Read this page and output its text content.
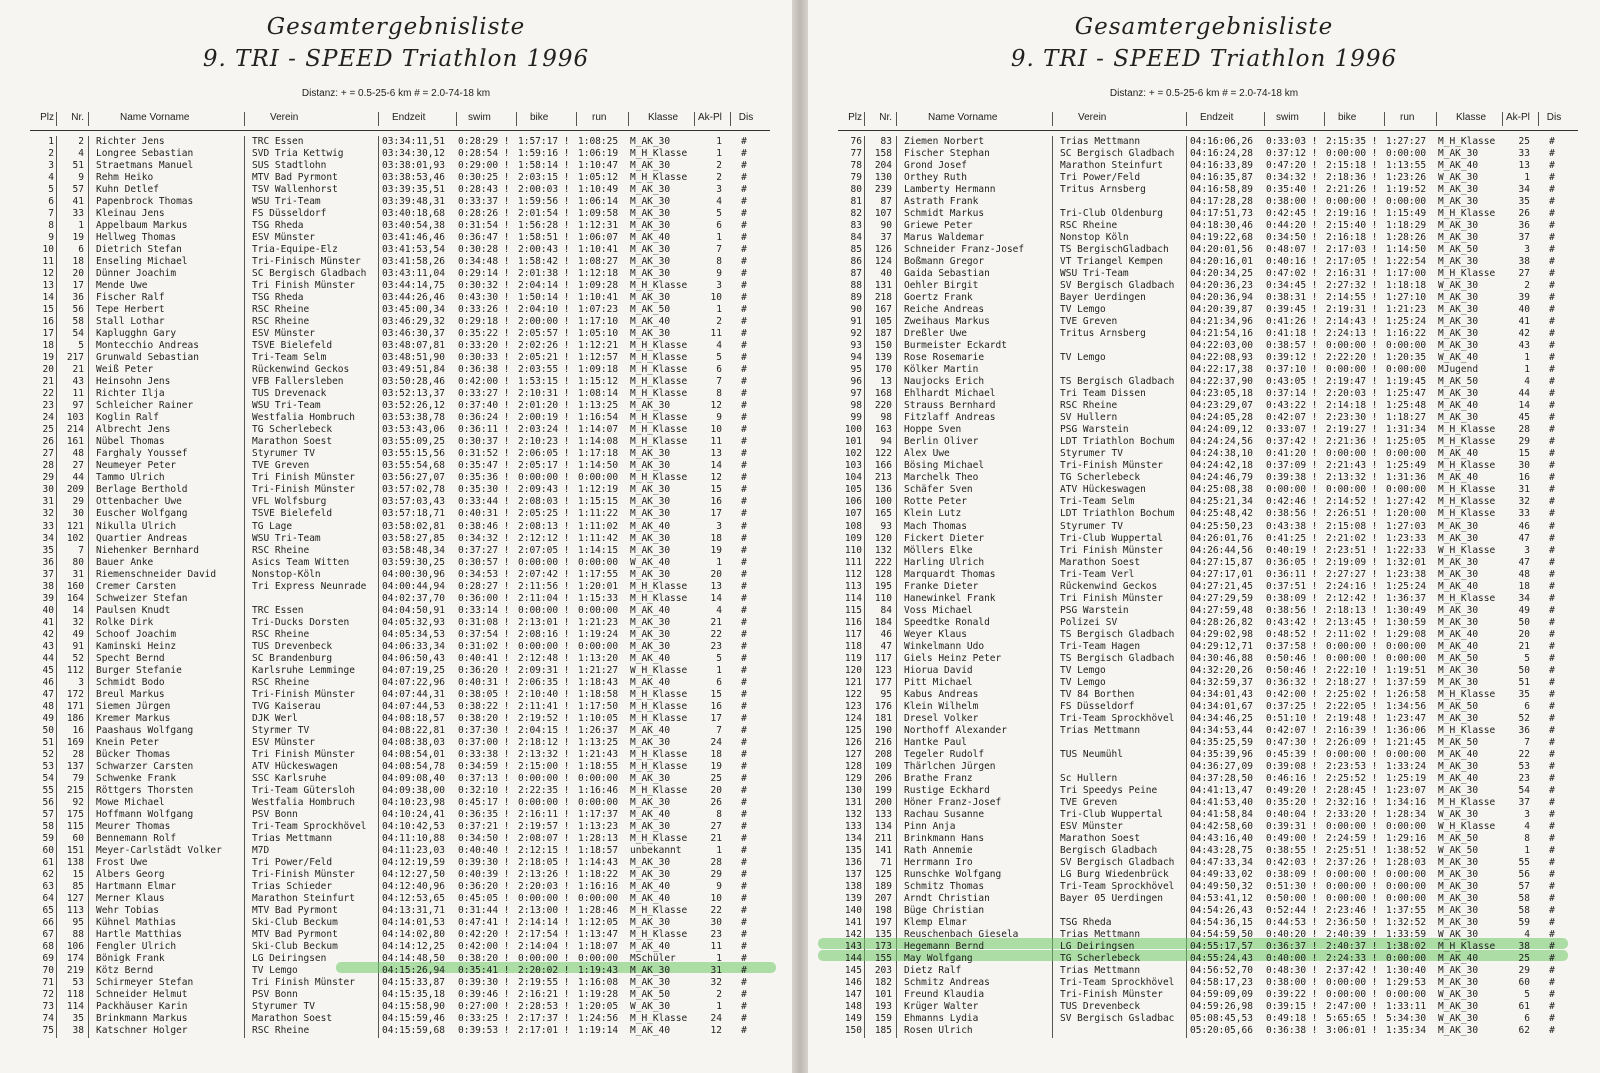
Gesamtergebnisliste
9. TRI - SPEED Triathlon 1996
Distanz: + = 0.5-25-6 km # = 2.0-74-18 km
Plz	Nr.	Name Vorname	Verein	Endzeit	swim	bike	run	Klasse	Ak-Pl	Dis
1	2 Richter Jens	TRC Essen	03:34:11,51	0:28:29 ! 1:57:17 ! 1:08:25	M_AK_30	1	#
2	4 Longree Sebastian	SVD Tria Kettwig	03:34:30,12	0:28:54 ! 1:59:16 ! 1:06:19	M_H_Klasse	1	#
3	51 Straetmans Manuel	SUS Stadtlohn	03:38:01,93	0:29:00 ! 1:58:14 ! 1:10:47	M_AK_30	2	#
4	9 Rehm Heiko	MTV Bad Pyrmont	03:38:53,46	0:30:25 ! 2:03:15 ! 1:05:12	M_H_Klasse	2	#
5	57 Kuhn Detlef	TSV Wallenhorst	03:39:35,51	0:28:43 ! 2:00:03 ! 1:10:49	M_AK_30	3	#
6	41 Papenbrock Thomas	WSU Tri-Team	03:39:48,31	0:33:37 ! 1:59:56 ! 1:06:14	M_AK_30	4	#
7	33 Kleinau Jens	FS Düsseldorf	03:40:18,68	0:28:26 ! 2:01:54 ! 1:09:58	M_AK_30	5	#
8	1 Appelbaum Markus	TSG Rheda	03:40:54,38	0:31:54 ! 1:56:28 ! 1:12:31	M_AK_30	6	#
9	19 Hellweg Thomas	ESV Münster	03:41:46,46	0:36:47 ! 1:58:51 ! 1:06:07	M_AK_40	1	#
10	6 Dietrich Stefan	Tria-Equipe-Elz	03:41:53,54	0:30:28 ! 2:00:43 ! 1:10:41	M_AK_30	7	#
11	18 Enseling Michael	Tri-Finisch Münster	03:41:58,26	0:34:48 ! 1:58:42 ! 1:08:27	M_AK_30	8	#
12	20 Dünner Joachim	SC Bergisch Gladbach	03:43:11,04	0:29:14 ! 2:01:38 ! 1:12:18	M_AK_30	9	#
13	17 Mende Uwe	Tri Finish Münster	03:44:14,75	0:30:32 ! 2:04:14 ! 1:09:28	M_H_Klasse	3	#
14	36 Fischer Ralf	TSG Rheda	03:44:26,46	0:43:30 ! 1:50:14 ! 1:10:41	M_AK_30	10	#
15	56 Tepe Herbert	RSC Rheine	03:45:00,34	0:33:26 ! 2:04:10 ! 1:07:23	M_AK_50	1	#
16	58 Stall Lothar	RSC Rheine	03:46:29,32	0:29:18 ! 2:00:00 ! 1:17:10	M_AK_40	2	#
17	54 Kaplugghn Gary	ESV Münster	03:46:30,37	0:35:22 ! 2:05:57 ! 1:05:10	M_AK_30	11	#
18	5 Montecchio Andreas	TSVE Bielefeld	03:48:07,81	0:33:20 ! 2:02:26 ! 1:12:21	M_H_Klasse	4	#
19	217 Grunwald Sebastian	Tri-Team Selm	03:48:51,90	0:30:33 ! 2:05:21 ! 1:12:57	M_H_Klasse	5	#
20	21 Weiß Peter	Rückenwind Geckos	03:49:51,84	0:36:38 ! 2:03:55 ! 1:09:18	M_H_Klasse	6	#
21	43 Heinsohn Jens	VFB Fallersleben	03:50:28,46	0:42:00 ! 1:53:15 ! 1:15:12	M_H_Klasse	7	#
22	11 Richter Ilja	TUS Drevenack	03:52:13,37	0:33:27 ! 2:10:31 ! 1:08:14	M_H_Klasse	8	#
23	97 Schleicher Rainer	WSU Tri-Team	03:52:26,12	0:37:40 ! 2:01:20 ! 1:13:25	M_AK_30	12	#
24	103 Koglin Ralf	Westfalia Hombruch	03:53:38,78	0:36:24 ! 2:00:19 ! 1:16:54	M_H_Klasse	9	#
25	214 Albrecht Jens	TG Scherlebeck	03:53:43,06	0:36:11 ! 2:03:24 ! 1:14:07	M_H_Klasse	10	#
26	161 Nübel Thomas	Marathon Soest	03:55:09,25	0:30:37 ! 2:10:23 ! 1:14:08	M_H_Klasse	11	#
27	48 Farghaly Youssef	Styrumer TV	03:55:15,56	0:31:52 ! 2:06:05 ! 1:17:18	M_AK_30	13	#
28	27 Neumeyer Peter	TVE Greven	03:55:54,68	0:35:47 ! 2:05:17 ! 1:14:50	M_AK_30	14	#
29	44 Tammo Ulrich	Tri Finish Münster	03:56:27,07	0:35:36 ! 0:00:00 ! 0:00:00	M_H_Klasse	12	#
30	209 Berlage Berthold	Tri-Finish Münster	03:57:02,78	0:35:30 ! 2:09:43 ! 1:12:19	M_AK_30	15	#
31	29 Ottenbacher Uwe	VFL Wolfsburg	03:57:03,43	0:33:44 ! 2:08:03 ! 1:15:15	M_AK_30	16	#
32	30 Euscher Wolfgang	TSVE Bielefeld	03:57:18,71	0:40:31 ! 2:05:25 ! 1:11:22	M_AK_30	17	#
33	121 Nikulla Ulrich	TG Lage	03:58:02,81	0:38:46 ! 2:08:13 ! 1:11:02	M_AK_40	3	#
34	102 Quartier Andreas	WSU Tri-Team	03:58:27,85	0:34:32 ! 2:12:12 ! 1:11:42	M_AK_30	18	#
35	7 Niehenker Bernhard	RSC Rheine	03:58:48,34	0:37:27 ! 2:07:05 ! 1:14:15	M_AK_30	19	#
36	80 Bauer Anke	Asics Team Witten	03:59:30,25	0:30:57 ! 0:00:00 ! 0:00:00	W_AK_40	1	#
37	31 Riemenschneider David	Nonstop-Köln	04:00:30,96	0:34:53 ! 2:07:42 ! 1:17:55	M_AK_30	20	#
38	160 Cremer Carsten	Tri Express Neunrade	04:00:44,94	0:28:27 ! 2:11:56 ! 1:20:01	M_H_Klasse	13	#
39	164 Schweizer Stefan	04:02:37,70	0:36:00 ! 2:11:04 ! 1:15:33	M_H_Klasse	14	#
40	14 Paulsen Knudt	TRC Essen	04:04:50,91	0:33:14 ! 0:00:00 ! 0:00:00	M_AK_40	4	#
41	32 Rolke Dirk	Tri-Ducks Dorsten	04:05:32,93	0:31:08 ! 2:13:01 ! 1:21:23	M_AK_30	21	#
42	49 Schoof Joachim	RSC Rheine	04:05:34,53	0:37:54 ! 2:08:16 ! 1:19:24	M_AK_30	22	#
43	91 Kaminski Heinz	TUS Drevenbeck	04:06:33,34	0:31:02 ! 0:00:00 ! 0:00:00	M_AK_30	23	#
44	52 Specht Bernd	SC Brandenburg	04:06:50,43	0:40:41 ! 2:12:48 ! 1:13:20	M_AK_40	5	#
45	112 Burger Stefanie	Karlsruhe Lemminge	04:07:19,25	0:36:20 ! 2:09:31 ! 1:21:27	W_H_Klasse	1	#
46	3 Schmidt Bodo	RSC Rheine	04:07:22,96	0:40:31 ! 2:06:35 ! 1:18:43	M_AK_40	6	#
47	172 Breul Markus	Tri-Finish Münster	04:07:44,31	0:38:05 ! 2:10:40 ! 1:18:58	M_H_Klasse	15	#
48	171 Siemen Jürgen	TVG Kaiserau	04:07:44,53	0:38:22 ! 2:11:41 ! 1:17:50	M_H_Klasse	16	#
49	186 Kremer Markus	DJK Werl	04:08:18,57	0:38:20 ! 2:19:52 ! 1:10:05	M_H_Klasse	17	#
50	16 Paashaus Wolfgang	Styrmer TV	04:08:22,81	0:37:30 ! 2:04:15 ! 1:26:37	M_AK_40	7	#
51	169 Knein Peter	ESV Münster	04:08:38,03	0:37:00 ! 2:18:12 ! 1:13:25	M_AK_30	24	#
52	28 Bücker Thomas	Tri Finish Münster	04:08:54,01	0:33:38 ! 2:13:32 ! 1:21:43	M_H_Klasse	18	#
53	137 Schwarzer Carsten	ATV Hückeswagen	04:08:54,78	0:34:59 ! 2:15:00 ! 1:18:55	M_H_Klasse	19	#
54	79 Schwenke Frank	SSC Karlsruhe	04:09:08,40	0:37:13 ! 0:00:00 ! 0:00:00	M_AK_30	25	#
55	215 Röttgers Thorsten	Tri-Team Gütersloh	04:09:38,00	0:32:10 ! 2:22:35 ! 1:16:46	M_H_Klasse	20	#
56	92 Mowe Michael	Westfalia Hombruch	04:10:23,98	0:45:17 ! 0:00:00 ! 0:00:00	M_AK_30	26	#
57	175 Hoffmann Wolfgang	PSV Bonn	04:10:24,41	0:36:35 ! 2:16:11 ! 1:17:37	M_AK_40	8	#
58	115 Meurer Thomas	Tri-Team Sprockhövel	04:10:42,53	0:37:21 ! 2:19:57 ! 1:13:23	M_AK_30	27	#
59	60 Bennemann Rolf	Trias Mettmann	04:11:10,88	0:34:50 ! 2:08:07 ! 1:28:13	M_H_Klasse	21	#
60	151 Meyer-Carlstädt Volker	M7D	04:11:23,03	0:40:40 ! 2:12:15 ! 1:18:57	unbekannt	1	#
61	138 Frost Uwe	Tri Power/Feld	04:12:19,59	0:39:30 ! 2:18:05 ! 1:14:43	M_AK_30	28	#
62	15 Albers Georg	Tri-Finish Münster	04:12:27,50	0:40:39 ! 2:13:26 ! 1:18:22	M_AK_30	29	#
63	85 Hartmann Elmar	Trias Schieder	04:12:40,96	0:36:20 ! 2:20:03 ! 1:16:16	M_AK_40	9	#
64	127 Merner Klaus	Marathon Steinfurt	04:12:53,65	0:45:05 ! 0:00:00 ! 0:00:00	M_AK_40	10	#
65	113 Wehr Tobias	MTV Bad Pyrmont	04:13:31,71	0:31:44 ! 2:13:00 ! 1:28:46	M_H_Klasse	22	#
66	95 Kühnel Mathias	Ski-Club Beckum	04:14:01,53	0:47:41 ! 2:14:14 ! 1:12:05	M_AK_30	30	#
67	88 Hartle Matthias	MTV Bad Pyrmont	04:14:02,80	0:42:20 ! 2:17:54 ! 1:13:47	M_H_Klasse	23	#
68	106 Fengler Ulrich	Ski-Club Beckum	04:14:12,25	0:42:00 ! 2:14:04 ! 1:18:07	M_AK_40	11	#
69	174 Bönigk Frank	LG Deiringsen	04:14:48,50	0:38:20 ! 0:00:00 ! 0:00:00	MSchüler	1	#
70	219 Kötz Bernd	TV Lemgo	04:15:26,94	0:35:41 ! 2:20:02 ! 1:19:43	M_AK_30	31	#
71	53 Schirmeyer Stefan	Tri Finish Münster	04:15:33,87	0:39:30 ! 2:19:55 ! 1:16:08	M_AK_30	32	#
72	118 Schneider Helmut	PSV Bonn	04:15:35,18	0:39:46 ! 2:16:21 ! 1:19:28	M_AK_50	2	#
73	114 Packhäuser Karin	Styrumer TV	04:15:58,90	0:27:00 ! 2:28:53 ! 1:20:05	W_AK_30	1	#
74	35 Brinkmann Markus	Marathon Soest	04:15:59,46	0:33:25 ! 2:17:37 ! 1:24:56	M_H_Klasse	24	#
75	38 Katschner Holger	RSC Rheine	04:15:59,68	0:39:53 ! 2:17:01 ! 1:19:14	M_AK_40	12	#
Gesamtergebnisliste
9. TRI - SPEED Triathlon 1996
Distanz: + = 0.5-25-6 km # = 2.0-74-18 km
Plz	Nr.	Name Vorname	Verein	Endzeit	swim	bike	run	Klasse	Ak-Pl	Dis
76	83 Ziemen Norbert	Trias Mettmann	04:16:06,26	0:33:03 ! 2:15:35 ! 1:27:27	M_H_Klasse	25	#
77	158 Fischer Stephan	SC Bergisch Gladbach	04:16:24,28	0:37:12 ! 0:00:00 ! 0:00:00	M_AK_30	33	#
78	204 Grond Josef	Marathon Steinfurt	04:16:33,89	0:47:20 ! 2:15:18 ! 1:13:55	M_AK_40	13	#
79	130 Orthey Ruth	Tri Power/Feld	04:16:35,87	0:34:32 ! 2:18:36 ! 1:23:26	W_AK_30	1	#
80	239 Lamberty Hermann	Tritus Arnsberg	04:16:58,89	0:35:40 ! 2:21:26 ! 1:19:52	M_AK_30	34	#
81	87 Astrath Frank	04:17:28,28	0:38:00 ! 0:00:00 ! 0:00:00	M_AK_30	35	#
82	107 Schmidt Markus	Tri-Club Oldenburg	04:17:51,73	0:42:45 ! 2:19:16 ! 1:15:49	M_H_Klasse	26	#
83	90 Griewe Peter	RSC Rheine	04:18:30,46	0:44:20 ! 2:15:40 ! 1:18:29	M_AK_30	36	#
84	37 Marus Waldemar	Nonstop Köln	04:19:22,68	0:34:50 ! 2:16:18 ! 1:28:26	M_AK_30	37	#
85	126 Schneider Franz-Josef	TS BergischGladbach	04:20:01,56	0:48:07 ! 2:17:03 ! 1:14:50	M_AK_50	3	#
86	124 Boßmann Gregor	VT Triangel Kempen	04:20:16,01	0:40:16 ! 2:17:05 ! 1:22:54	M_AK_30	38	#
87	40 Gaida Sebastian	WSU Tri-Team	04:20:34,25	0:47:02 ! 2:16:31 ! 1:17:00	M_H_Klasse	27	#
88	131 Oehler Birgit	SV Bergisch Gladbach	04:20:36,23	0:34:45 ! 2:27:32 ! 1:18:18	W_AK_30	2	#
89	218 Goertz Frank	Bayer Uerdingen	04:20:36,94	0:38:31 ! 2:14:55 ! 1:27:10	M_AK_30	39	#
90	167 Reiche Andreas	TV Lemgo	04:20:39,87	0:39:45 ! 2:19:31 ! 1:21:23	M_AK_30	40	#
91	105 Zweihaus Markus	TVE Greven	04:21:34,96	0:41:26 ! 2:14:43 ! 1:25:24	M_AK_30	41	#
92	187 Dreßler Uwe	Tritus Arnsberg	04:21:54,16	0:41:18 ! 2:24:13 ! 1:16:22	M_AK_30	42	#
93	150 Burmeister Eckardt	04:22:03,00	0:38:57 ! 0:00:00 ! 0:00:00	M_AK_30	43	#
94	139 Rose Rosemarie	TV Lemgo	04:22:08,93	0:39:12 ! 2:22:20 ! 1:20:35	W_AK_40	1	#
95	170 Kölker Martin	04:22:17,38	0:37:10 ! 0:00:00 ! 0:00:00	MJugend	1	#
96	13 Naujocks Erich	TS Bergisch Gladbach	04:22:37,90	0:43:05 ! 2:19:47 ! 1:19:45	M_AK_50	4	#
97	168 Ehlhardt Michael	Tri Team Dissen	04:23:05,18	0:37:14 ! 2:20:03 ! 1:25:47	M_AK_30	44	#
98	220 Strauss Bernhard	RSC Rheine	04:23:29,07	0:43:22 ! 2:14:18 ! 1:25:48	M_AK_40	14	#
99	98 Fitzlaff Andreas	SV Hullern	04:24:05,28	0:42:07 ! 2:23:30 ! 1:18:27	M_AK_30	45	#
100	163 Hoppe Sven	PSG Warstein	04:24:09,12	0:33:07 ! 2:19:27 ! 1:31:34	M_H_Klasse	28	#
101	94 Berlin Oliver	LDT Triathlon Bochum	04:24:24,56	0:37:42 ! 2:21:36 ! 1:25:05	M_H_Klasse	29	#
102	122 Alex Uwe	Styrumer TV	04:24:38,10	0:41:20 ! 0:00:00 ! 0:00:00	M_AK_40	15	#
103	166 Bösing Michael	Tri-Finish Münster	04:24:42,18	0:37:09 ! 2:21:43 ! 1:25:49	M_H_Klasse	30	#
104	213 Marchelk Theo	TG Scherlebeck	04:24:46,79	0:39:38 ! 2:13:32 ! 1:31:36	M_AK_40	16	#
105	136 Schäfer Sven	ATV Hückeswagen	04:25:08,38	0:00:00 ! 0:00:00 ! 0:00:00	M_H_Klasse	31	#
106	100 Rotte Peter	Tri-Team Selm	04:25:21,34	0:42:46 ! 2:14:52 ! 1:27:42	M_H_Klasse	32	#
107	165 Klein Lutz	LDT Triathlon Bochum	04:25:48,42	0:38:56 ! 2:26:51 ! 1:20:00	M_H_Klasse	33	#
108	93 Mach Thomas	Styrumer TV	04:25:50,23	0:43:38 ! 2:15:08 ! 1:27:03	M_AK_30	46	#
109	120 Fickert Dieter	Tri-Club Wuppertal	04:26:01,76	0:41:25 ! 2:21:02 ! 1:23:33	M_AK_30	47	#
110	132 Möllers Elke	Tri Finish Münster	04:26:44,56	0:40:19 ! 2:23:51 ! 1:22:33	W_H_Klasse	3	#
111	222 Harling Ulrich	Marathon Soest	04:27:15,87	0:36:05 ! 2:19:09 ! 1:32:01	M_AK_30	47	#
112	128 Marquardt Thomas	Tri-Team Verl	04:27:17,01	0:36:11 ! 2:27:27 ! 1:23:38	M_AK_30	48	#
113	195 Franke Dieter	Rückenwind Geckos	04:27:21,45	0:37:51 ! 2:24:16 ! 1:25:24	M_AK_40	18	#
114	110 Hanewinkel Frank	Tri Finish Münster	04:27:29,59	0:38:09 ! 2:12:42 ! 1:36:37	M_H_Klasse	34	#
115	84 Voss Michael	PSG Warstein	04:27:59,48	0:38:56 ! 2:18:13 ! 1:30:49	M_AK_30	49	#
116	184 Speedtke Ronald	Polizei SV	04:28:26,82	0:43:42 ! 2:13:45 ! 1:30:59	M_AK_30	50	#
117	46 Weyer Klaus	TS Bergisch Gladbach	04:29:02,98	0:48:52 ! 2:11:02 ! 1:29:08	M_AK_40	20	#
118	47 Winkelmann Udo	Tri-Team Hagen	04:29:12,71	0:37:58 ! 0:00:00 ! 0:00:00	M_AK_40	21	#
119	117 Giels Heinz Peter	TS Bergisch Gladbach	04:30:46,88	0:50:46 ! 0:00:00 ! 0:00:00	M_AK_50	5	#
120	123 Hiorua David	TV Lemgo	04:32:20,26	0:50:46 ! 2:22:10 ! 1:19:51	M_AK_30	50	#
121	177 Pitt Michael	TV Lemgo	04:32:59,37	0:36:32 ! 2:18:27 ! 1:37:59	M_AK_30	51	#
122	95 Kabus Andreas	TV 84 Borthen	04:34:01,43	0:42:00 ! 2:25:02 ! 1:26:58	M_H_Klasse	35	#
123	176 Klein Wilhelm	FS Düsseldorf	04:34:01,67	0:37:25 ! 2:22:05 ! 1:34:56	M_AK_50	6	#
124	181 Dresel Volker	Tri-Team Sprockhövel	04:34:46,25	0:51:10 ! 2:19:48 ! 1:23:47	M_AK_30	52	#
125	190 Northoff Alexander	Trias Mettmann	04:34:53,44	0:42:07 ! 2:16:39 ! 1:36:06	M_H_Klasse	36	#
126	216 Hantke Paul	04:35:25,59	0:47:30 ! 2:26:09 ! 1:21:45	M_AK_50	7	#
127	208 Tegeler Rudolf	TUS Neumühl	04:35:39,96	0:45:39 ! 0:00:00 ! 0:00:00	M_AK_40	22	#
128	109 Thärlchen Jürgen	04:36:27,09	0:39:08 ! 2:23:53 ! 1:33:24	M_AK_30	53	#
129	206 Brathe Franz	Sc Hullern	04:37:28,50	0:46:16 ! 2:25:52 ! 1:25:19	M_AK_40	23	#
130	199 Rustige Eckhard	Tri Speedys Peine	04:41:13,47	0:49:20 ! 2:28:45 ! 1:23:07	M_AK_30	54	#
131	200 Höner Franz-Josef	TVE Greven	04:41:53,40	0:35:20 ! 2:32:16 ! 1:34:16	M_H_Klasse	37	#
132	133 Rachau Susanne	Tri-Club Wuppertal	04:41:58,84	0:40:04 ! 2:33:20 ! 1:28:34	W_AK_30	3	#
133	134 Pinn Anja	ESV Münster	04:42:58,60	0:39:31 ! 0:00:00 ! 0:00:00	W_H_Klasse	4	#
134	211 Brinkmann Hans	Marathon Soest	04:43:16,40	0:49:00 ! 2:24:59 ! 1:29:16	M_AK_50	8	#
135	141 Rath Annemie	Bergisch Gladbach	04:43:28,75	0:38:55 ! 2:25:51 ! 1:38:52	W_AK_50	1	#
136	71 Herrmann Iro	SV Bergisch Gladbach	04:47:33,34	0:42:03 ! 2:37:26 ! 1:28:03	M_AK_30	55	#
137	125 Runschke Wolfgang	LG Burg Wiedenbrück	04:49:33,02	0:38:09 ! 0:00:00 ! 0:00:00	M_AK_30	56	#
138	189 Schmitz Thomas	Tri-Team Sprockhövel	04:49:50,32	0:51:30 ! 0:00:00 ! 0:00:00	M_AK_30	57	#
139	207 Arndt Christian	Bayer 05 Uerdingen	04:53:41,12	0:50:00 ! 0:00:00 ! 0:00:00	M_AK_30	58	#
140	198 Büge Christian	04:54:26,43	0:52:44 ! 2:23:46 ! 1:37:55	M_AK_30	58	#
141	197 Klemp Elmar	TSG Rheda	04:54:36,15	0:44:53 ! 2:36:50 ! 1:32:52	M_AK_30	59	#
142	135 Reuschenbach Giesela	Trias Mettmann	04:54:59,50	0:40:20 ! 2:40:39 ! 1:33:59	W_AK_30	4	#
143	173 Hegemann Bernd	LG Deiringsen	04:55:17,57	0:36:37 ! 2:40:37 ! 1:38:02	M_H_Klasse	38	#
144	155 May Wolfgang	TG Scherlebeck	04:55:24,43	0:40:00 ! 2:24:33 ! 0:00:00	M_AK_40	25	#
145	203 Dietz Ralf	Trias Mettmann	04:56:52,70	0:48:30 ! 2:37:42 ! 1:30:40	M_AK_30	29	#
146	182 Schmitz Andreas	Tri-Team Sprockhövel	04:58:17,23	0:38:00 ! 0:00:00 ! 1:29:53	M_AK_30	60	#
147	101 Freund Klaudia	Tri-Finish Münster	04:59:09,09	0:39:22 ! 0:00:00 ! 0:00:00	W_AK_30	5	#
148	193 Krüger Walter	TUS Drevenbeck	04:59:26,98	0:39:15 ! 2:47:00 ! 1:33:11	M_AK_30	61	#
149	159 Ehmanns Lydia	SV Bergisch Gsladbac	05:08:45,53	0:49:18 ! 5:65:65 ! 5:34:30	W_AK_30	6	#
150	185 Rosen Ulrich	05:20:05,66	0:36:38 ! 3:06:01 ! 1:35:34	M_AK_30	62	#
